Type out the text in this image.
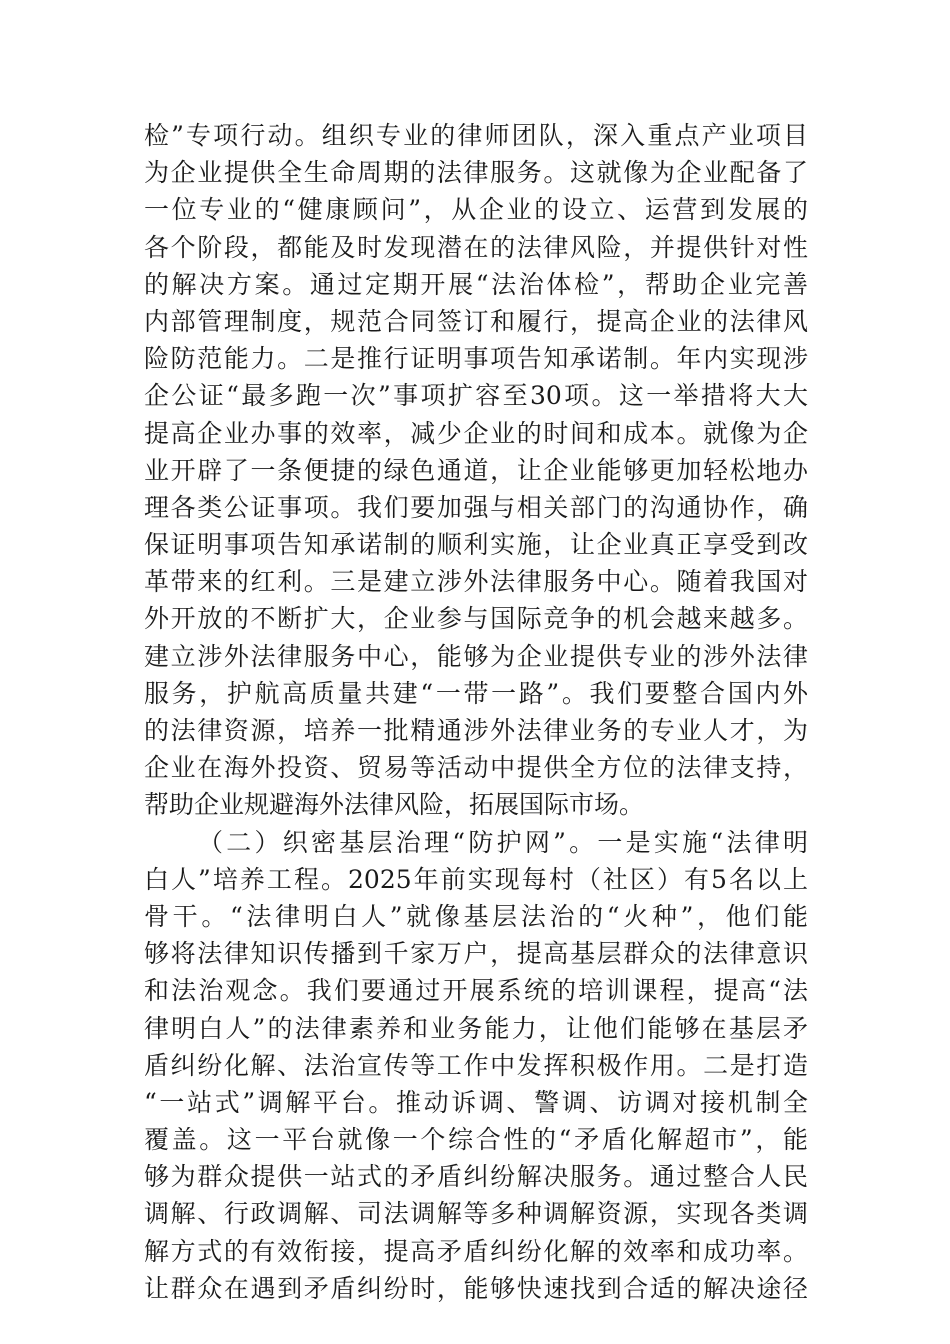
检”专项行动。组织专业的律师团队，深入重点产业项目
为企业提供全生命周期的法律服务。这就像为企业配备了
一位专业的“健康顾问”，从企业的设立、运营到发展的
各个阶段，都能及时发现潜在的法律风险，并提供针对性
的解决方案。通过定期开展“法治体检”，帮助企业完善
内部管理制度，规范合同签订和履行，提高企业的法律风
险防范能力。二是推行证明事项告知承诺制。年内实现涉
企公证“最多跑一次”事项扩容至30项。这一举措将大大
提高企业办事的效率，减少企业的时间和成本。就像为企
业开辟了一条便捷的绿色通道，让企业能够更加轻松地办
理各类公证事项。我们要加强与相关部门的沟通协作，确
保证明事项告知承诺制的顺利实施，让企业真正享受到改
革带来的红利。三是建立涉外法律服务中心。随着我国对
外开放的不断扩大，企业参与国际竞争的机会越来越多。
建立涉外法律服务中心，能够为企业提供专业的涉外法律
服务，护航高质量共建“一带一路”。我们要整合国内外
的法律资源，培养一批精通涉外法律业务的专业人才，为
企业在海外投资、贸易等活动中提供全方位的法律支持，
帮助企业规避海外法律风险，拓展国际市场。
（二）织密基层治理“防护网”。一是实施“法律明
白人”培养工程。2025年前实现每村（社区）有5名以上
骨干。“法律明白人”就像基层法治的“火种”，他们能
够将法律知识传播到千家万户，提高基层群众的法律意识
和法治观念。我们要通过开展系统的培训课程，提高“法
律明白人”的法律素养和业务能力，让他们能够在基层矛
盾纠纷化解、法治宣传等工作中发挥积极作用。二是打造
“一站式”调解平台。推动诉调、警调、访调对接机制全
覆盖。这一平台就像一个综合性的“矛盾化解超市”，能
够为群众提供一站式的矛盾纠纷解决服务。通过整合人民
调解、行政调解、司法调解等多种调解资源，实现各类调
解方式的有效衔接，提高矛盾纠纷化解的效率和成功率。
让群众在遇到矛盾纠纷时，能够快速找到合适的解决途径
